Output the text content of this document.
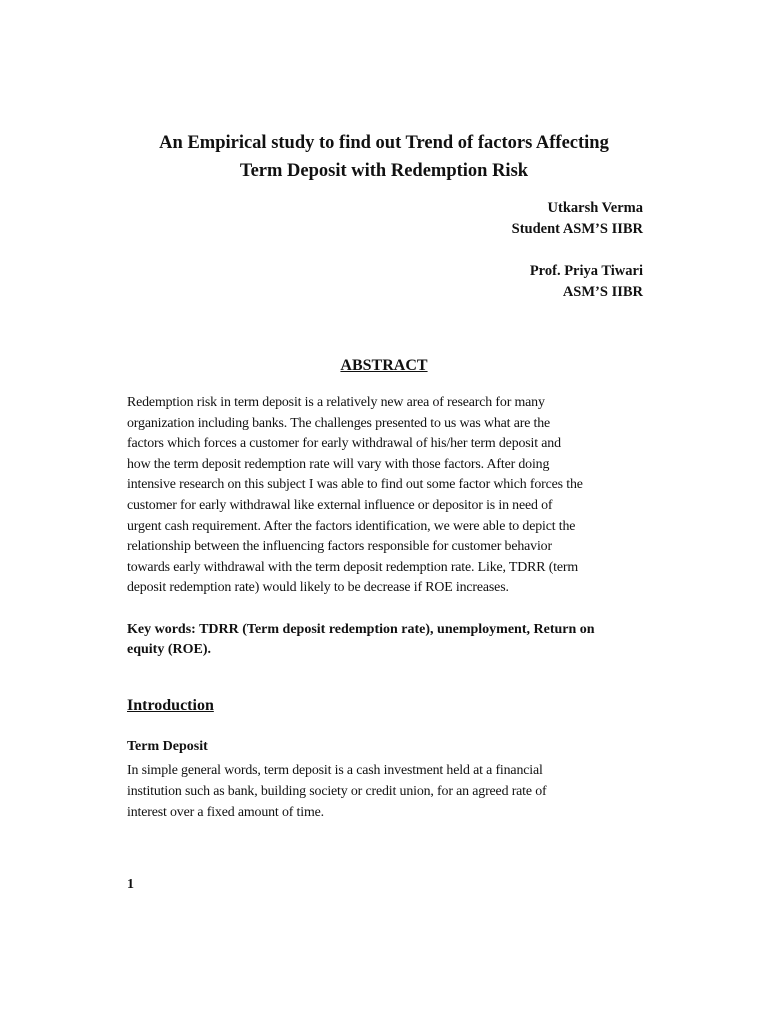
An Empirical study to find out Trend of factors Affecting
Term Deposit with Redemption Risk
Utkarsh Verma
Student ASM’S IIBR
Prof. Priya Tiwari
ASM’S IIBR
ABSTRACT
Redemption risk in term deposit is a relatively new area of research for many
organization including banks. The challenges presented to us was what are the
factors which forces a customer for early withdrawal of his/her term deposit and
how the term deposit redemption rate will vary with those factors. After doing
intensive research on this subject I was able to find out some factor which forces the
customer for early withdrawal like external influence or depositor is in need of
urgent cash requirement. After the factors identification, we were able to depict the
relationship between the influencing factors responsible for customer behavior
towards early withdrawal with the term deposit redemption rate. Like, TDRR (term
deposit redemption rate) would likely to be decrease if ROE increases.
Key words: TDRR (Term deposit redemption rate), unemployment, Return on
equity (ROE).
Introduction
Term Deposit
In simple general words, term deposit is a cash investment held at a financial
institution such as bank, building society or credit union, for an agreed rate of
interest over a fixed amount of time.
1
